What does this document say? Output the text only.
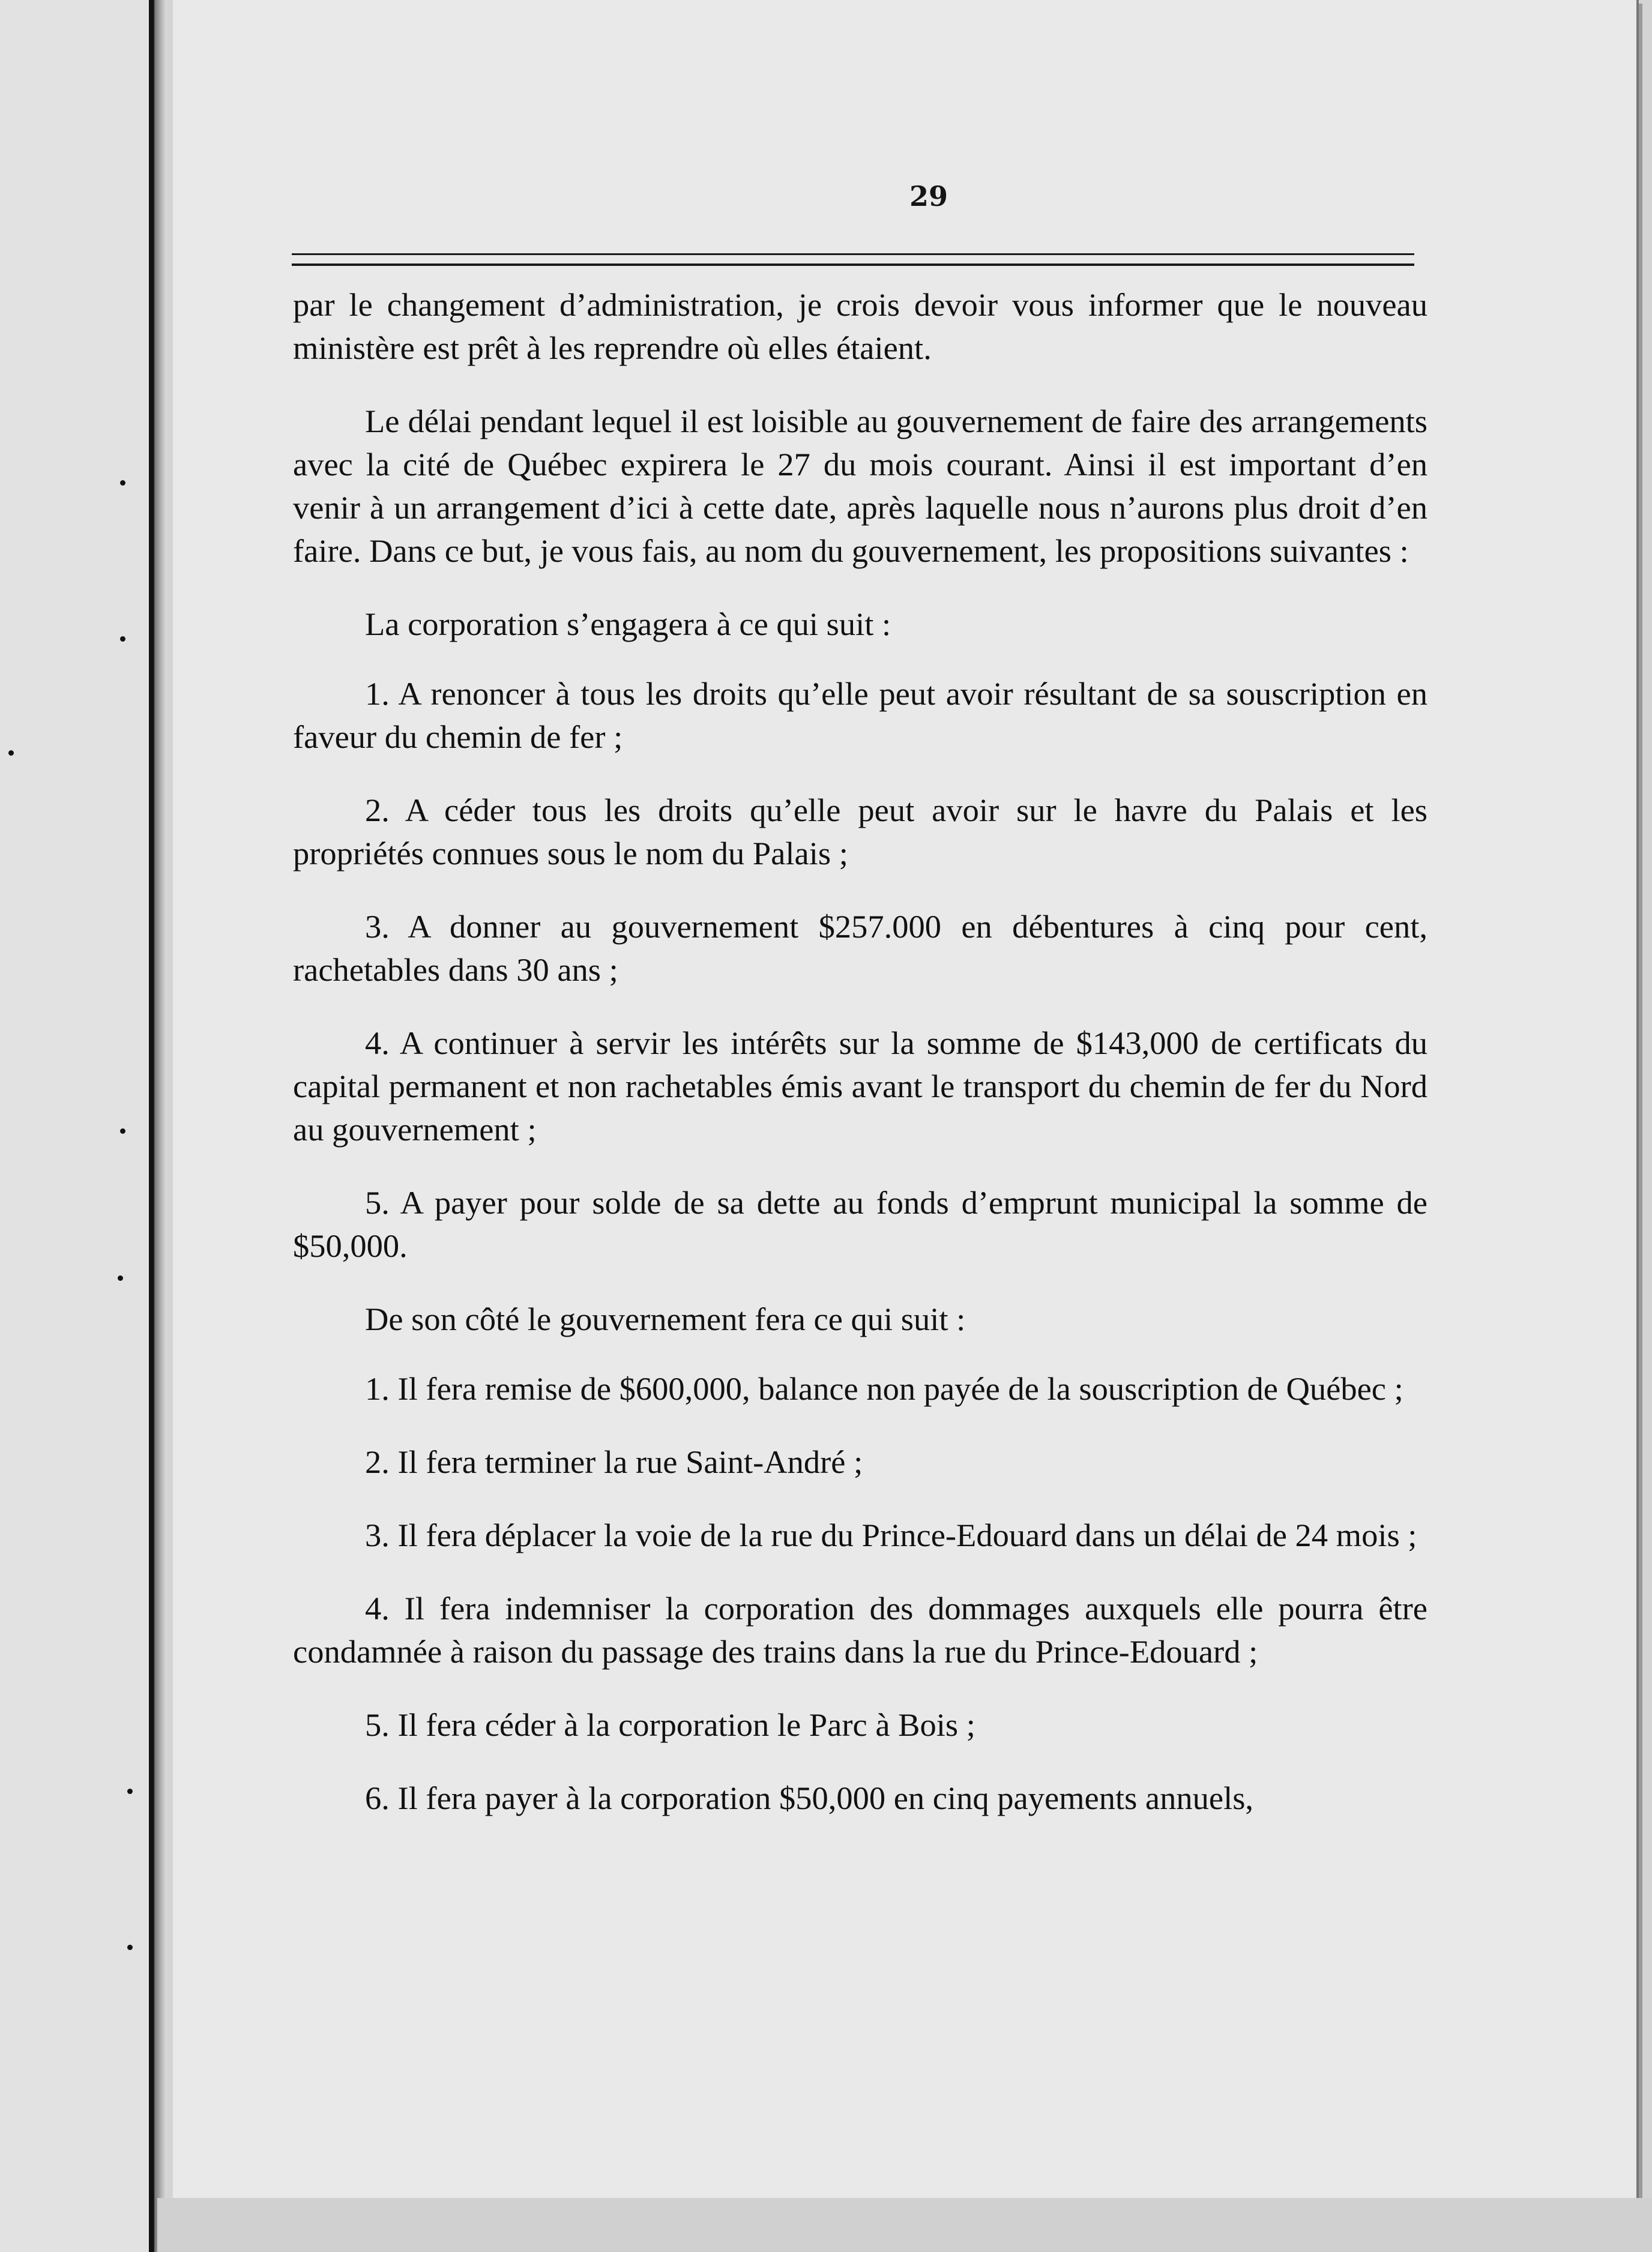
29

par le changement d’administration, je crois devoir vous informer que le nouveau ministère est prêt à les reprendre où elles étaient.

Le délai pendant lequel il est loisible au gouvernement de faire des arrangements avec la cité de Québec expirera le 27 du mois courant. Ainsi il est important d’en venir à un arrangement d’ici à cette date, après laquelle nous n’aurons plus droit d’en faire. Dans ce but, je vous fais, au nom du gouvernement, les propositions suivantes :

La corporation s’engagera à ce qui suit :

1. A renoncer à tous les droits qu’elle peut avoir résultant de sa souscription en faveur du chemin de fer ;

2. A céder tous les droits qu’elle peut avoir sur le havre du Palais et les propriétés connues sous le nom du Palais ;

3. A donner au gouvernement $257.000 en débentures à cinq pour cent, rachetables dans 30 ans ;

4. A continuer à servir les intérêts sur la somme de $143,000 de certificats du capital permanent et non rachetables émis avant le transport du chemin de fer du Nord au gouvernement ;

5. A payer pour solde de sa dette au fonds d’emprunt municipal la somme de $50,000.

De son côté le gouvernement fera ce qui suit :

1. Il fera remise de $600,000, balance non payée de la souscription de Québec ;

2. Il fera terminer la rue Saint-André ;

3. Il fera déplacer la voie de la rue du Prince-Edouard dans un délai de 24 mois ;

4. Il fera indemniser la corporation des dommages auxquels elle pourra être condamnée à raison du passage des trains dans la rue du Prince-Edouard ;

5. Il fera céder à la corporation le Parc à Bois ;

6. Il fera payer à la corporation $50,000 en cinq payements annuels,
